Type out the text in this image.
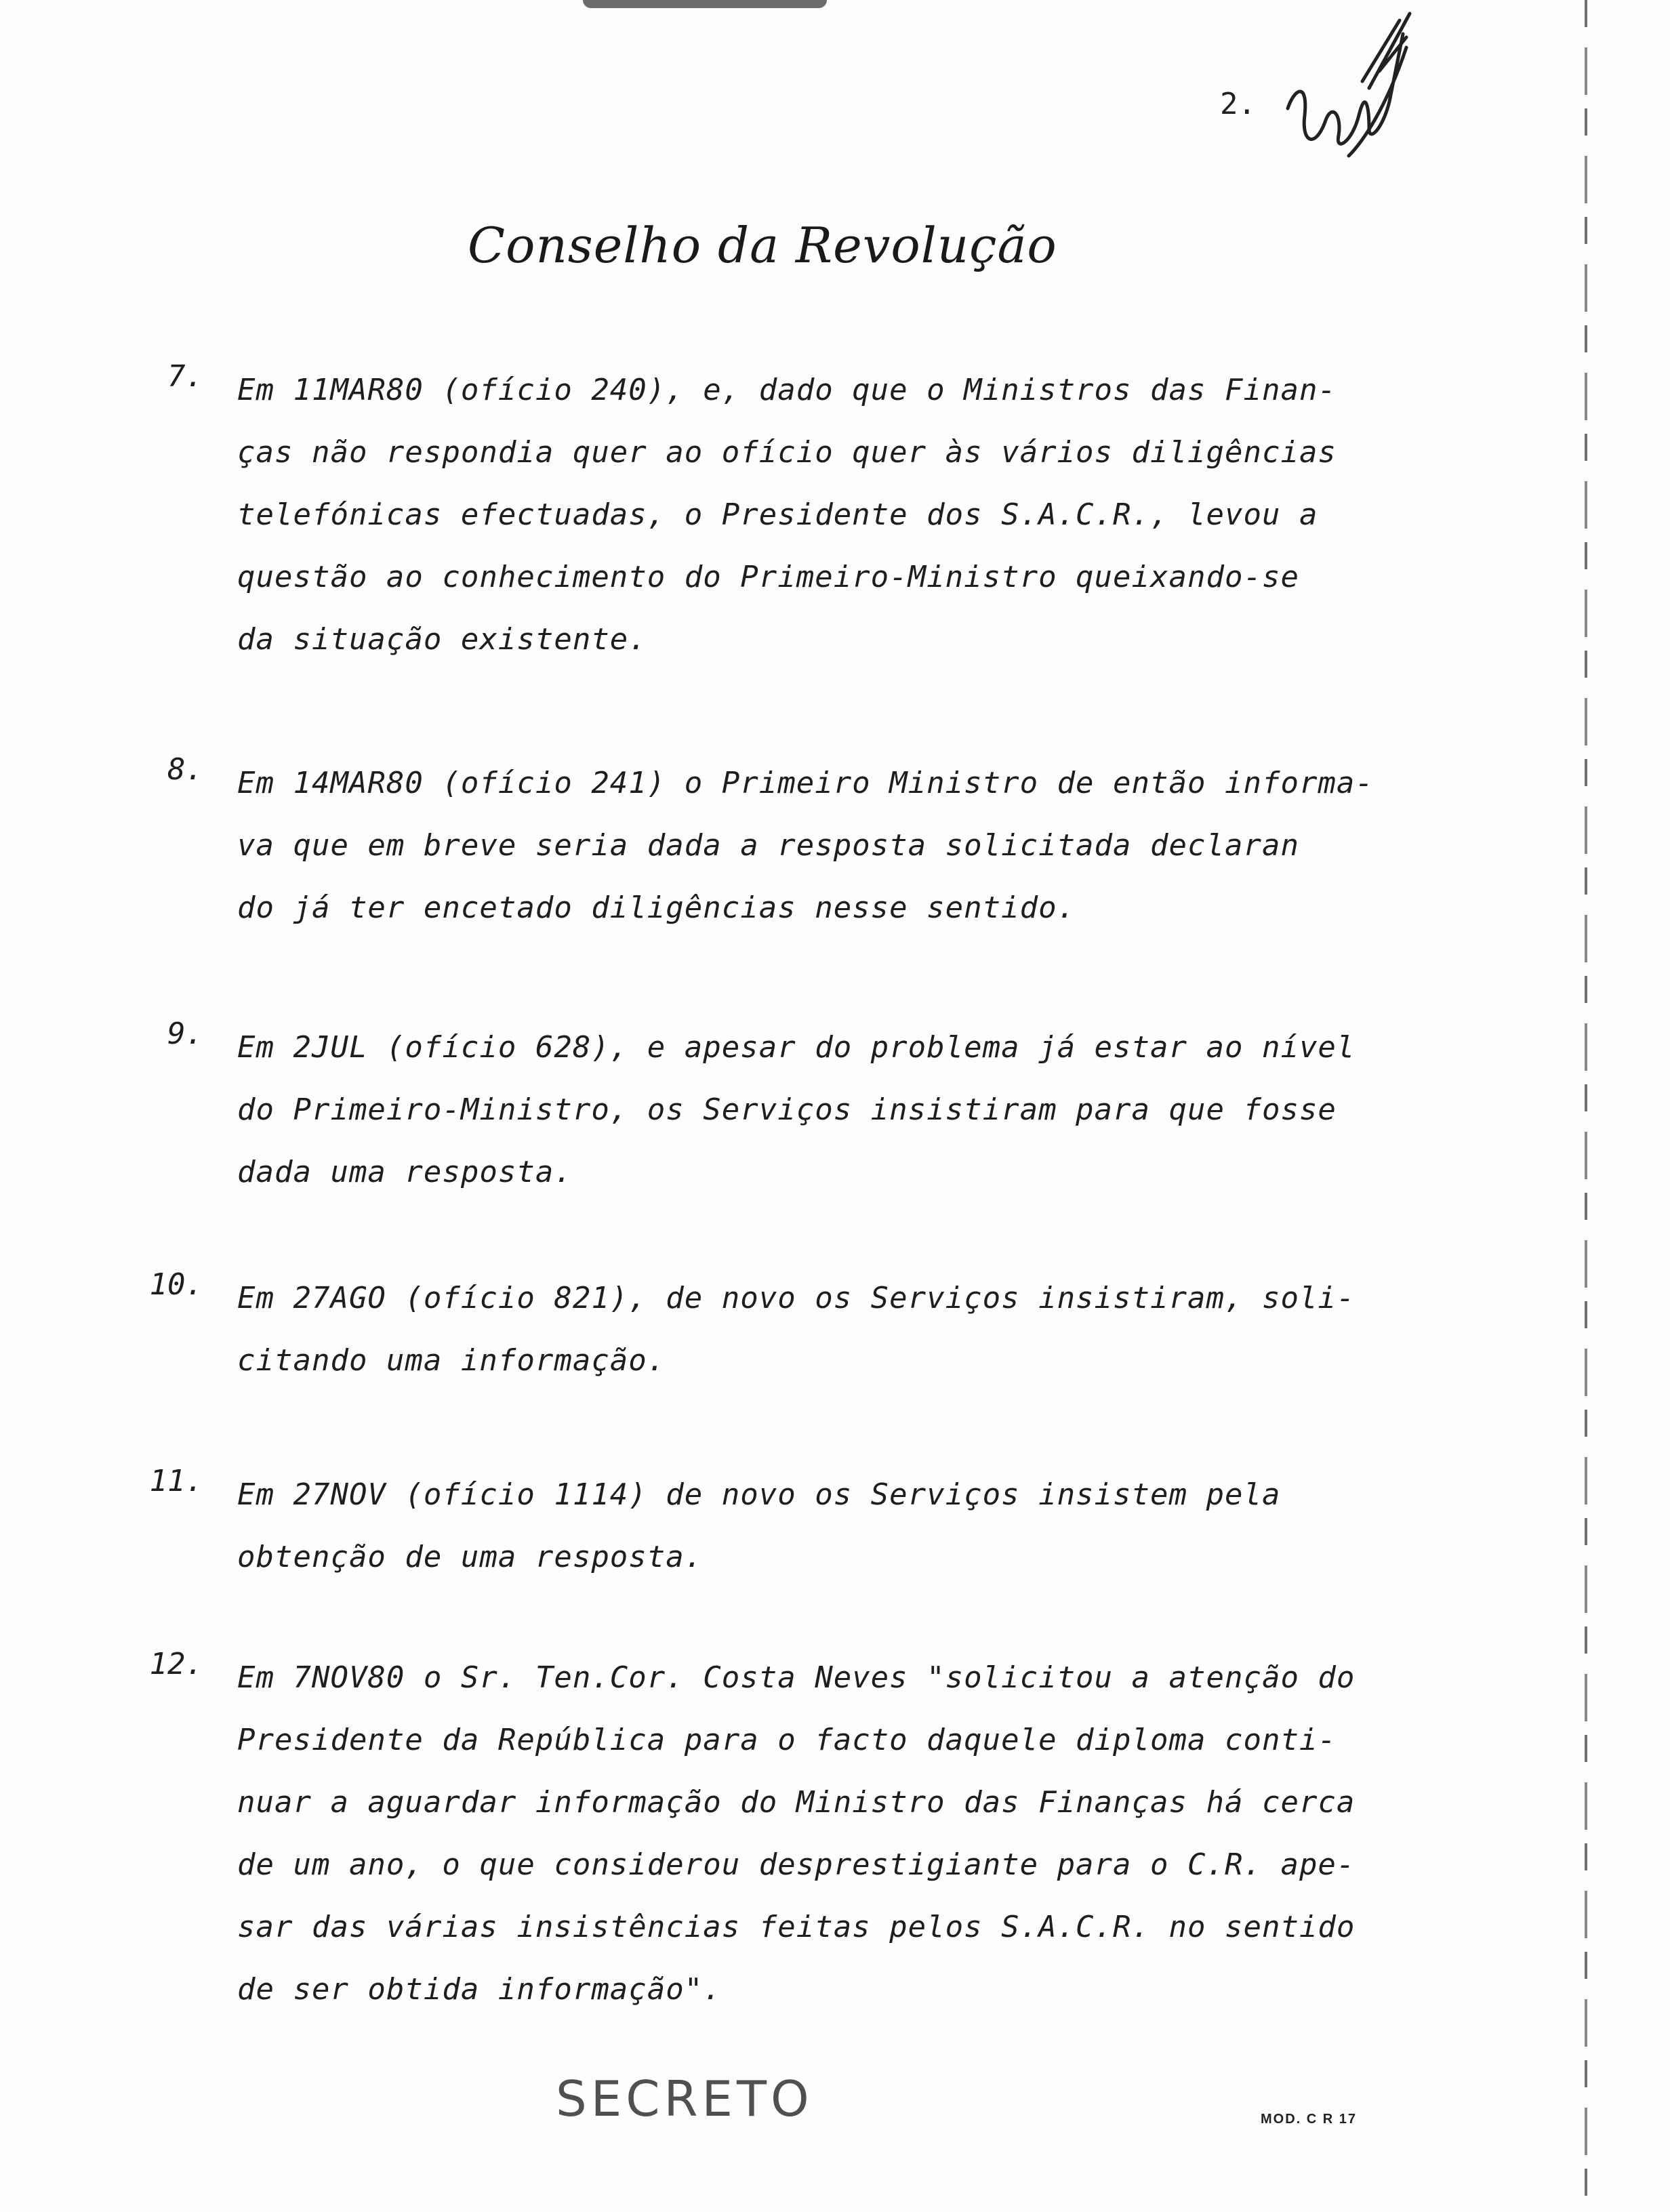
2.
Conselho da Revolução
7. Em 11MAR80 (ofício 240), e, dado que o Ministros das Finan-
ças não respondia quer ao ofício quer às vários diligências
telefónicas efectuadas, o Presidente dos S.A.C.R., levou a
questão ao conhecimento do Primeiro-Ministro queixando-se
da situação existente.
8. Em 14MAR80 (ofício 241) o Primeiro Ministro de então informa-
va que em breve seria dada a resposta solicitada declaran
do já ter encetado diligências nesse sentido.
9. Em 2JUL (ofício 628), e apesar do problema já estar ao nível
do Primeiro-Ministro, os Serviços insistiram para que fosse
dada uma resposta.
10. Em 27AGO (ofício 821), de novo os Serviços insistiram, soli-
citando uma informação.
11. Em 27NOV (ofício 1114) de novo os Serviços insistem pela
obtenção de uma resposta.
12. Em 7NOV80 o Sr. Ten.Cor. Costa Neves "solicitou a atenção do
Presidente da República para o facto daquele diploma conti-
nuar a aguardar informação do Ministro das Finanças há cerca
de um ano, o que considerou desprestigiante para o C.R. ape-
sar das várias insistências feitas pelos S.A.C.R. no sentido
de ser obtida informação".
SECRETO	MOD. C R 17
